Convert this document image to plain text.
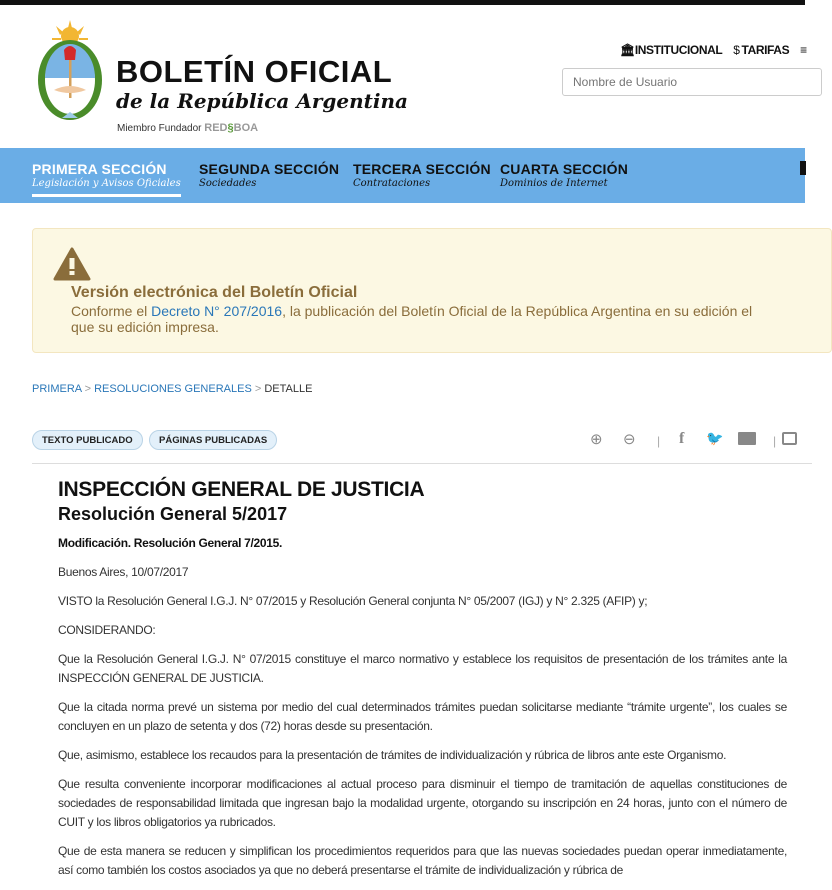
BOLETÍN OFICIAL
de la República Argentina
Miembro Fundador RED§BOA
🏛INSTITUCIONAL $ TARIFAS ≡
Nombre de Usuario
PRIMERA SECCIÓN
Legislación y Avisos Oficiales
SEGUNDA SECCIÓN
Sociedades
TERCERA SECCIÓN
Contrataciones
CUARTA SECCIÓN
Dominios de Internet
Versión electrónica del Boletín Oficial

Conforme el Decreto N° 207/2016, la publicación del Boletín Oficial de la República Argentina en su edición el
que su edición impresa.

PRIMERA > RESOLUCIONES GENERALES > DETALLE
TEXTO PUBLICADO	PÁGINAS PUBLICADAS	⊕ ⊖ | f 🐦	|
INSPECCIÓN GENERAL DE JUSTICIA
Resolución General 5/2017

Modificación. Resolución General 7/2015.

Buenos Aires, 10/07/2017

VISTO la Resolución General I.G.J. N° 07/2015 y Resolución General conjunta N° 05/2007 (IGJ) y N° 2.325 (AFIP) y;

CONSIDERANDO:

Que la Resolución General I.G.J. N° 07/2015 constituye el marco normativo y establece los requisitos de presentación de los trámites ante la INSPECCIÓN GENERAL DE JUSTICIA.

Que la citada norma prevé un sistema por medio del cual determinados trámites puedan solicitarse mediante “trámite urgente”, los cuales se concluyen en un plazo de setenta y dos (72) horas desde su presentación.

Que, asimismo, establece los recaudos para la presentación de trámites de individualización y rúbrica de libros ante este Organismo.

Que resulta conveniente incorporar modificaciones al actual proceso para disminuir el tiempo de tramitación de aquellas constituciones de sociedades de responsabilidad limitada que ingresan bajo la modalidad urgente, otorgando su inscripción en 24 horas, junto con el número de CUIT y los libros obligatorios ya rubricados.

Que de esta manera se reducen y simplifican los procedimientos requeridos para que las nuevas sociedades puedan operar inmediatamente, así como también los costos asociados ya que no deberá presentarse el trámite de individualización y rúbrica de
